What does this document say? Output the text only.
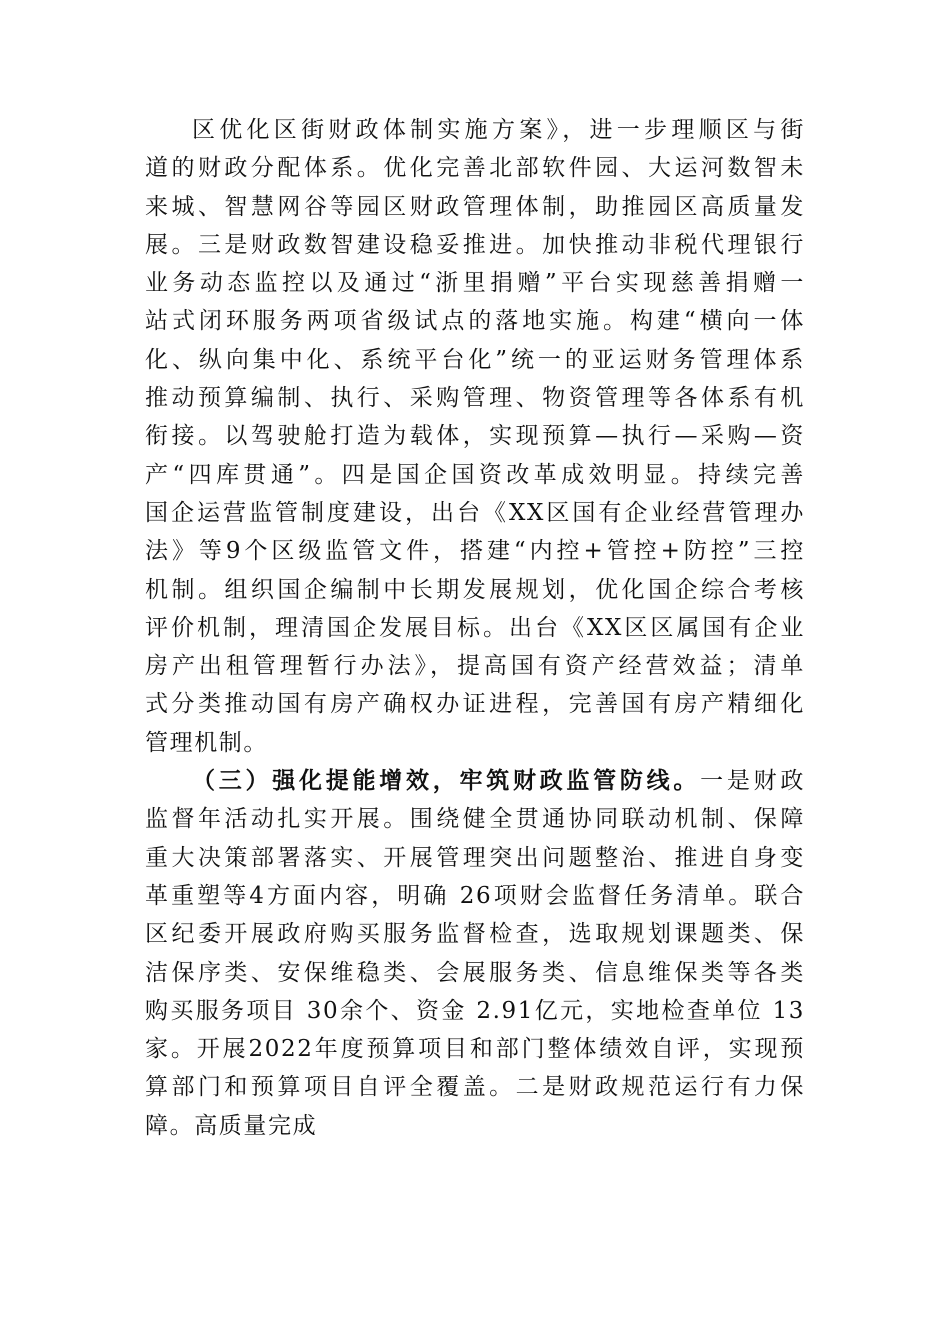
区优化区街财政体制实施方案》，进一步理顺区与街
道的财政分配体系。优化完善北部软件园、大运河数智未
来城、智慧网谷等园区财政管理体制，助推园区高质量发
展。三是财政数智建设稳妥推进。加快推动非税代理银行
业务动态监控以及通过“浙里捐赠”平台实现慈善捐赠一
站式闭环服务两项省级试点的落地实施。构建“横向一体
化、纵向集中化、系统平台化”统一的亚运财务管理体系
推动预算编制、执行、采购管理、物资管理等各体系有机
衔接。以驾驶舱打造为载体，实现预算—执行—采购—资
产“四库贯通”。四是国企国资改革成效明显。持续完善
国企运营监管制度建设，出台《XX区国有企业经营管理办
法》等9个区级监管文件，搭建“内控+管控+防控”三控
机制。组织国企编制中长期发展规划，优化国企综合考核
评价机制，理清国企发展目标。出台《XX区区属国有企业
房产出租管理暂行办法》，提高国有资产经营效益；清单
式分类推动国有房产确权办证进程，完善国有房产精细化
管理机制。
（三）强化提能增效，牢筑财政监管防线。一是财政
监督年活动扎实开展。围绕健全贯通协同联动机制、保障
重大决策部署落实、开展管理突出问题整治、推进自身变
革重塑等4方面内容，明确 26项财会监督任务清单。联合
区纪委开展政府购买服务监督检查，选取规划课题类、保
洁保序类、安保维稳类、会展服务类、信息维保类等各类
购买服务项目 30余个、资金 2.91亿元，实地检查单位 13
家。开展2022年度预算项目和部门整体绩效自评，实现预
算部门和预算项目自评全覆盖。二是财政规范运行有力保
障。高质量完成
